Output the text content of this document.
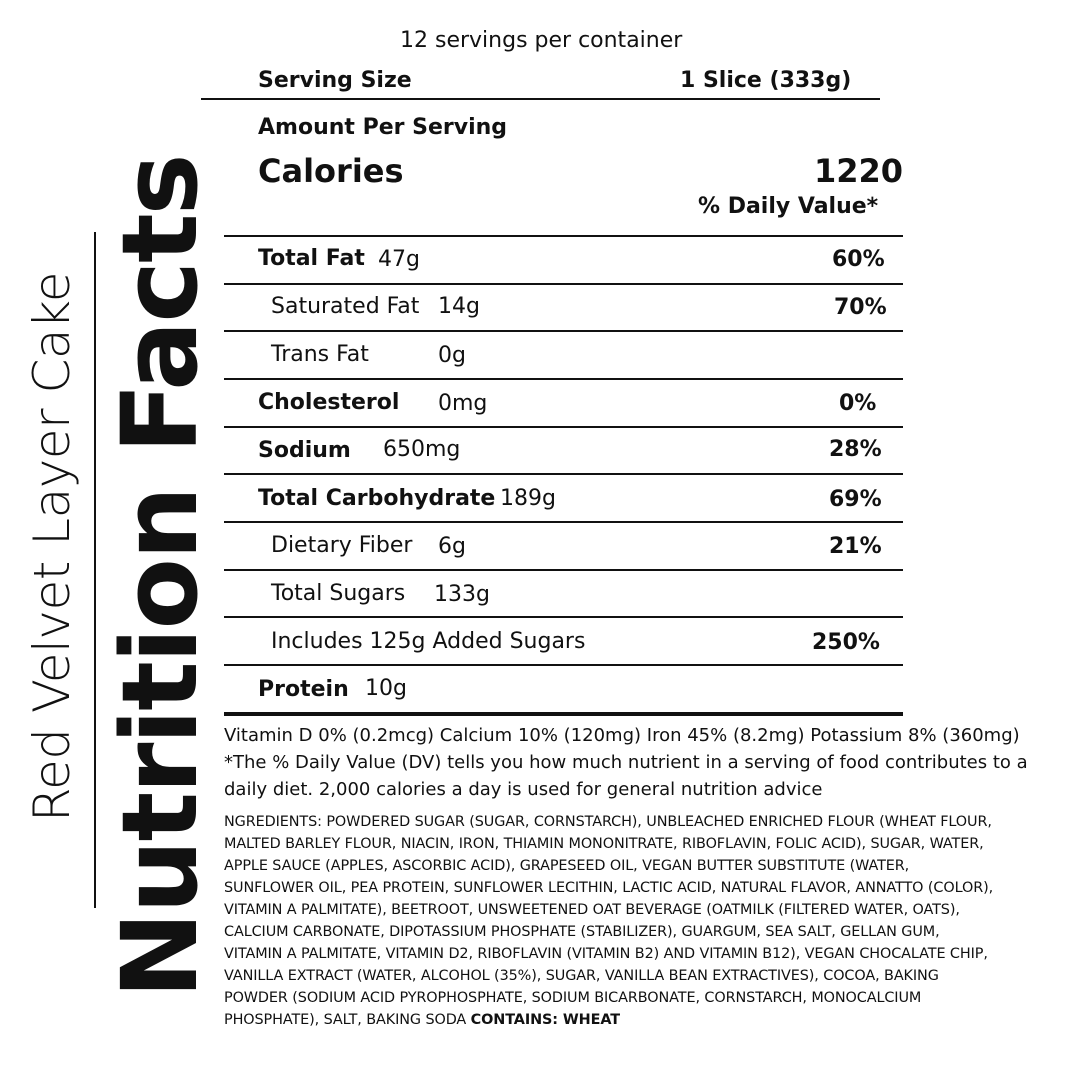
Red Velvet Layer Cake Nutrition Facts
12 servings per container
Serving Size	1 Slice (333g)
Amount Per Serving
Calories	1220
% Daily Value*
Total Fat 47g	60%
Saturated Fat 14g	70%
Trans Fat	0g
Cholesterol 0mg	0%
Sodium 650mg	28%
Total Carbohydrate 189g	69%
Dietary Fiber 6g	21%
Total Sugars 133g
Includes 125g Added Sugars	250%
Protein 10g
Vitamin D 0% (0.2mcg) Calcium 10% (120mg) Iron 45% (8.2mg) Potassium 8% (360mg)
*The % Daily Value (DV) tells you how much nutrient in a serving of food contributes to a
daily diet. 2,000 calories a day is used for general nutrition advice
NGREDIENTS: POWDERED SUGAR (SUGAR, CORNSTARCH), UNBLEACHED ENRICHED FLOUR (WHEAT FLOUR, MALTED BARLEY FLOUR, NIACIN, IRON, THIAMIN MONONITRATE, RIBOFLAVIN, FOLIC ACID), SUGAR, WATER, APPLE SAUCE (APPLES, ASCORBIC ACID), GRAPESEED OIL, VEGAN BUTTER SUBSTITUTE (WATER, SUNFLOWER OIL, PEA PROTEIN, SUNFLOWER LECITHIN, LACTIC ACID, NATURAL FLAVOR, ANNATTO (COLOR), VITAMIN A PALMITATE), BEETROOT, UNSWEETENED OAT BEVERAGE (OATMILK (FILTERED WATER, OATS), CALCIUM CARBONATE, DIPOTASSIUM PHOSPHATE (STABILIZER), GUARGUM, SEA SALT, GELLAN GUM, VITAMIN A PALMITATE, VITAMIN D2, RIBOFLAVIN (VITAMIN B2) AND VITAMIN B12), VEGAN CHOCALATE CHIP, VANILLA EXTRACT (WATER, ALCOHOL (35%), SUGAR, VANILLA BEAN EXTRACTIVES), COCOA, BAKING POWDER (SODIUM ACID PYROPHOSPHATE, SODIUM BICARBONATE, CORNSTARCH, MONOCALCIUM PHOSPHATE), SALT, BAKING SODA CONTAINS: WHEAT
